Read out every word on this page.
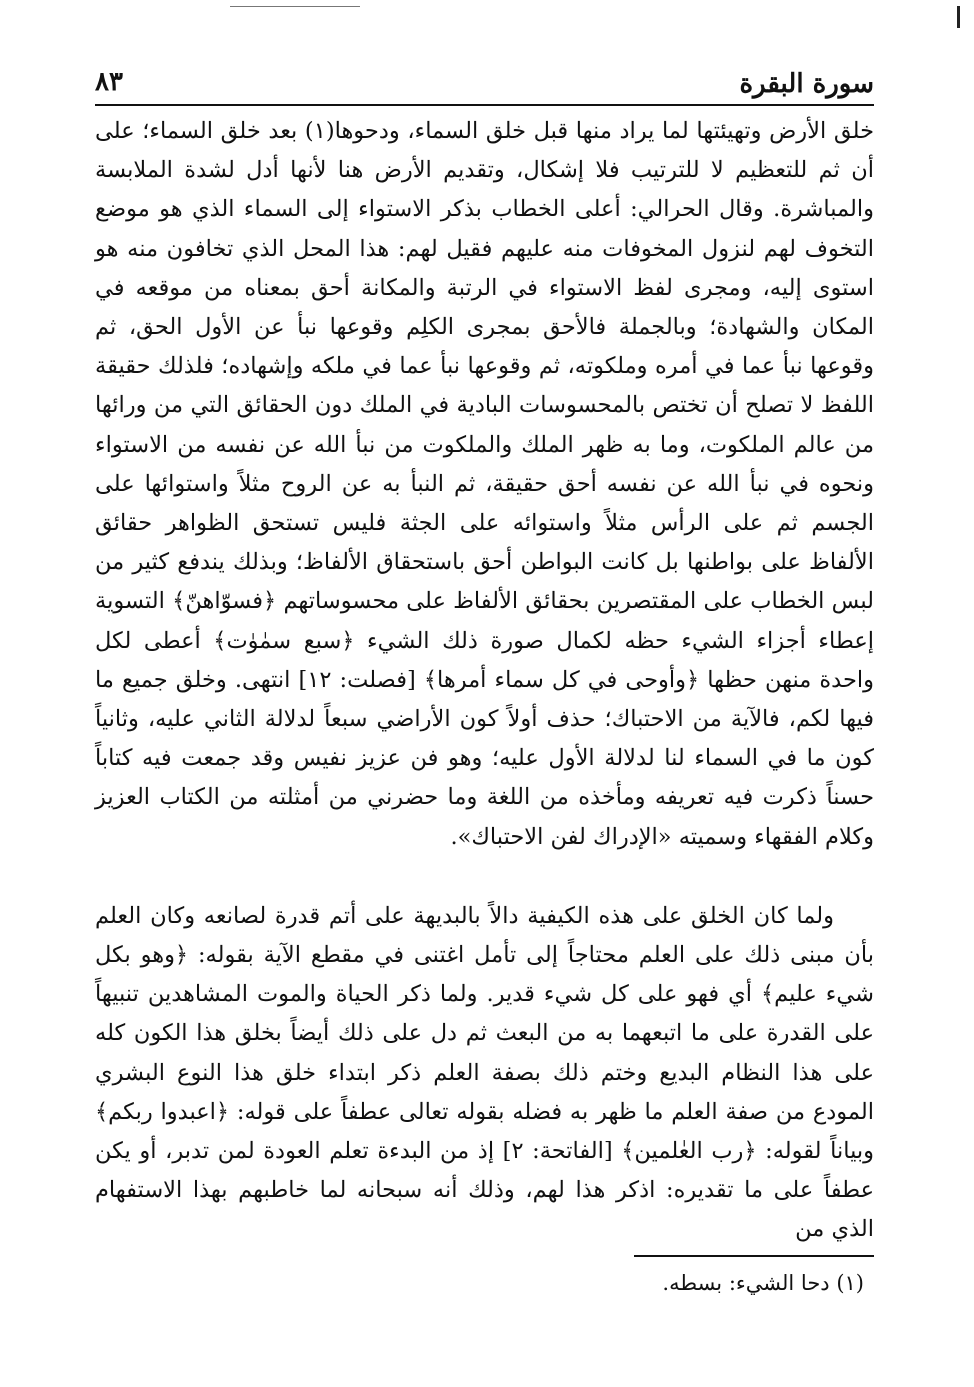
سورة البقرة
٨٣

خلق الأرض وتهيئتها لما يراد منها قبل خلق السماء، ودحوها(١) بعد خلق السماء؛ على أن ثم للتعظيم لا للترتيب فلا إشكال، وتقديم الأرض هنا لأنها أدل لشدة الملابسة والمباشرة. وقال الحرالي: أعلى الخطاب بذكر الاستواء إلى السماء الذي هو موضع التخوف لهم لنزول المخوفات منه عليهم فقيل لهم: هذا المحل الذي تخافون منه هو استوى إليه، ومجرى لفظ الاستواء في الرتبة والمكانة أحق بمعناه من موقعه في المكان والشهادة؛ وبالجملة فالأحق بمجرى الكلِم وقوعها نبأ عن الأول الحق، ثم وقوعها نبأ عما في أمره وملكوته، ثم وقوعها نبأ عما في ملكه وإشهاده؛ فلذلك حقيقة اللفظ لا تصلح أن تختص بالمحسوسات البادية في الملك دون الحقائق التي من ورائها من عالم الملكوت، وما به ظهر الملك والملكوت من نبأ الله عن نفسه من الاستواء ونحوه في نبأ الله عن نفسه أحق حقيقة، ثم النبأ به عن الروح مثلاً واستوائها على الجسم ثم على الرأس مثلاً واستوائه على الجثة فليس تستحق الظواهر حقائق الألفاظ على بواطنها بل كانت البواطن أحق باستحقاق الألفاظ؛ وبذلك يندفع كثير من لبس الخطاب على المقتصرين بحقائق الألفاظ على محسوساتهم ﴿فسوّاهنّ﴾ التسوية إعطاء أجزاء الشيء حظه لكمال صورة ذلك الشيء ﴿سبع سمٰوٰت﴾ أعطى لكل واحدة منهن حظها ﴿وأوحى في كل سماء أمرها﴾ [فصلت: ١٢] انتهى. وخلق جميع ما فيها لكم، فالآية من الاحتباك؛ حذف أولاً كون الأراضي سبعاً لدلالة الثاني عليه، وثانياً كون ما في السماء لنا لدلالة الأول عليه؛ وهو فن عزيز نفيس وقد جمعت فيه كتاباً حسناً ذكرت فيه تعريفه ومأخذه من اللغة وما حضرني من أمثلته من الكتاب العزيز وكلام الفقهاء وسميته «الإدراك لفن الاحتباك».

ولما كان الخلق على هذه الكيفية دالاً بالبديهة على أتم قدرة لصانعه وكان العلم بأن مبنى ذلك على العلم محتاجاً إلى تأمل اغتنى في مقطع الآية بقوله: ﴿وهو بكل شيء عليم﴾ أي فهو على كل شيء قدير. ولما ذكر الحياة والموت المشاهدين تنبيهاً على القدرة على ما اتبعهما به من البعث ثم دل على ذلك أيضاً بخلق هذا الكون كله على هذا النظام البديع وختم ذلك بصفة العلم ذكر ابتداء خلق هذا النوع البشري المودع من صفة العلم ما ظهر به فضله بقوله تعالى عطفاً على قوله: ﴿اعبدوا ربكم﴾ وبياناً لقوله: ﴿رب العٰلمين﴾ [الفاتحة: ٢] إذ من البدءة تعلم العودة لمن تدبر، أو يكن عطفاً على ما تقديره: اذكر هذا لهم، وذلك أنه سبحانه لما خاطبهم بهذا الاستفهام الذي من

(١) دحا الشيء: بسطه.
